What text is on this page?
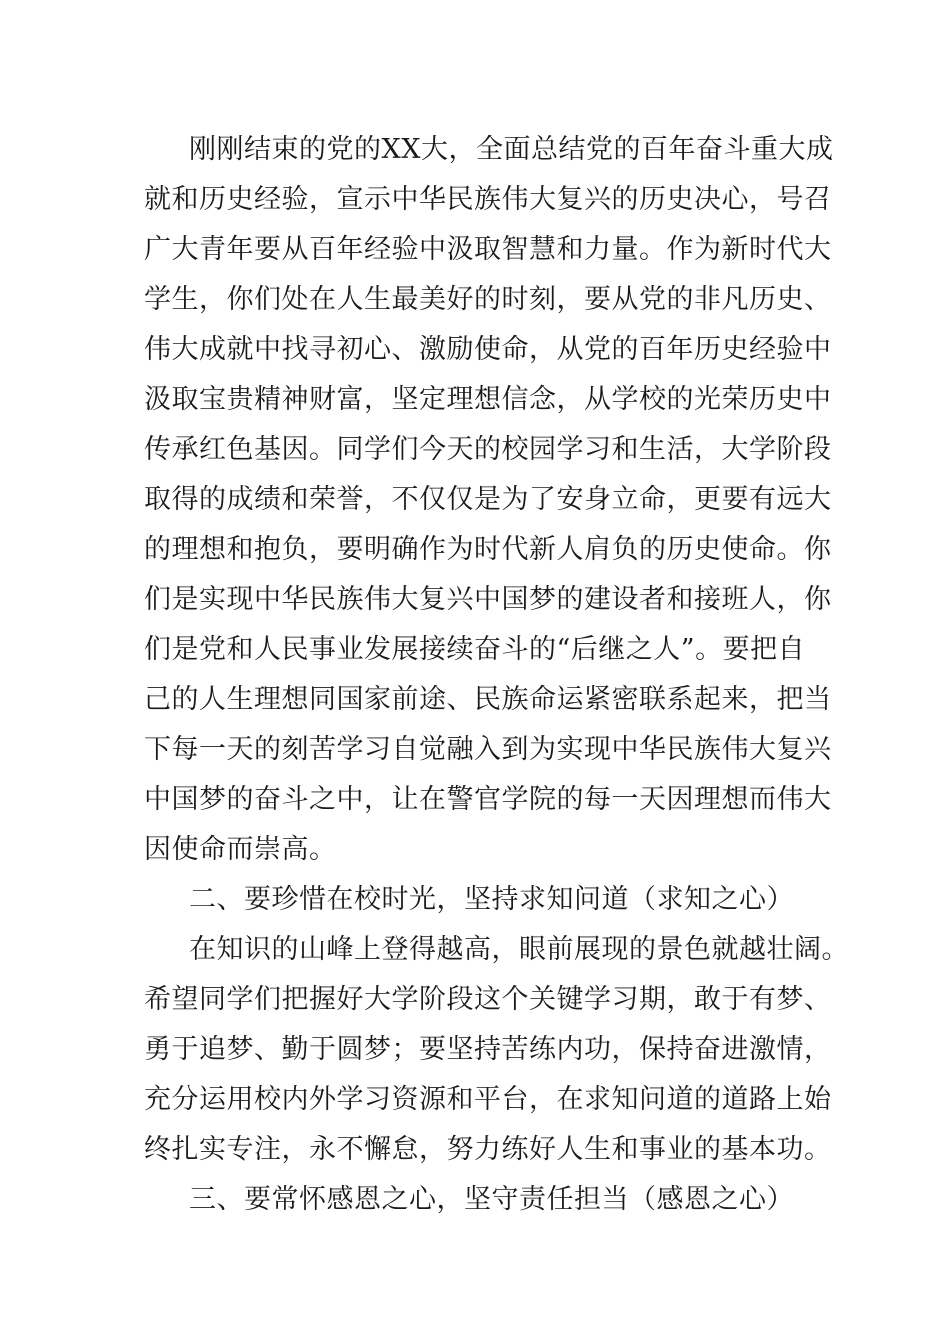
刚刚结束的党的XX大，全面总结党的百年奋斗重大成
就和历史经验，宣示中华民族伟大复兴的历史决心，号召
广大青年要从百年经验中汲取智慧和力量。作为新时代大
学生，你们处在人生最美好的时刻，要从党的非凡历史、
伟大成就中找寻初心、激励使命，从党的百年历史经验中
汲取宝贵精神财富，坚定理想信念，从学校的光荣历史中
传承红色基因。同学们今天的校园学习和生活，大学阶段
取得的成绩和荣誉，不仅仅是为了安身立命，更要有远大
的理想和抱负，要明确作为时代新人肩负的历史使命。你
们是实现中华民族伟大复兴中国梦的建设者和接班人，你
们是党和人民事业发展接续奋斗的“后继之人”。要把自
己的人生理想同国家前途、民族命运紧密联系起来，把当
下每一天的刻苦学习自觉融入到为实现中华民族伟大复兴
中国梦的奋斗之中，让在警官学院的每一天因理想而伟大
因使命而崇高。
二、要珍惜在校时光，坚持求知问道（求知之心）
在知识的山峰上登得越高，眼前展现的景色就越壮阔。
希望同学们把握好大学阶段这个关键学习期，敢于有梦、
勇于追梦、勤于圆梦；要坚持苦练内功，保持奋进激情，
充分运用校内外学习资源和平台，在求知问道的道路上始
终扎实专注，永不懈怠，努力练好人生和事业的基本功。
三、要常怀感恩之心，坚守责任担当（感恩之心）
